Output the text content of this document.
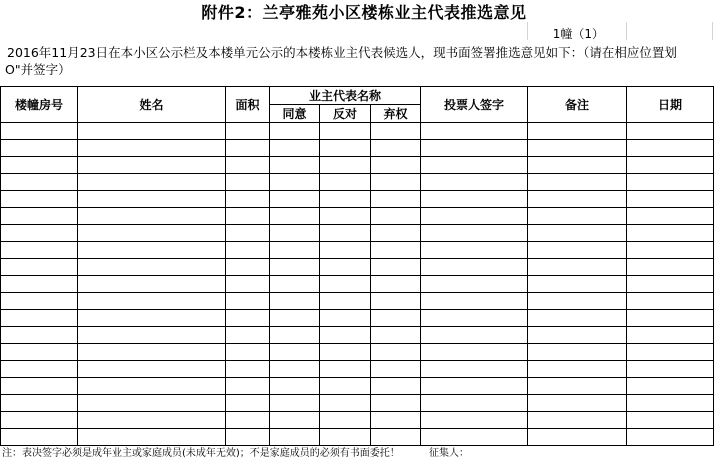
附件2：兰亭雅苑小区楼栋业主代表推选意见
1幢（1）
2016年11月23日在本小区公示栏及本楼单元公示的本楼栋业主代表候选人，现书面签署推选意见如下：（请在相应位置划
O"并签字）
楼幢房号	姓名	面积	业主代表名称			投票人签字	备注	日期
			同意	反对	弃权			

注：表决签字必须是成年业主或家庭成员(未成年无效)；不是家庭成员的必须有书面委托！	征集人：
